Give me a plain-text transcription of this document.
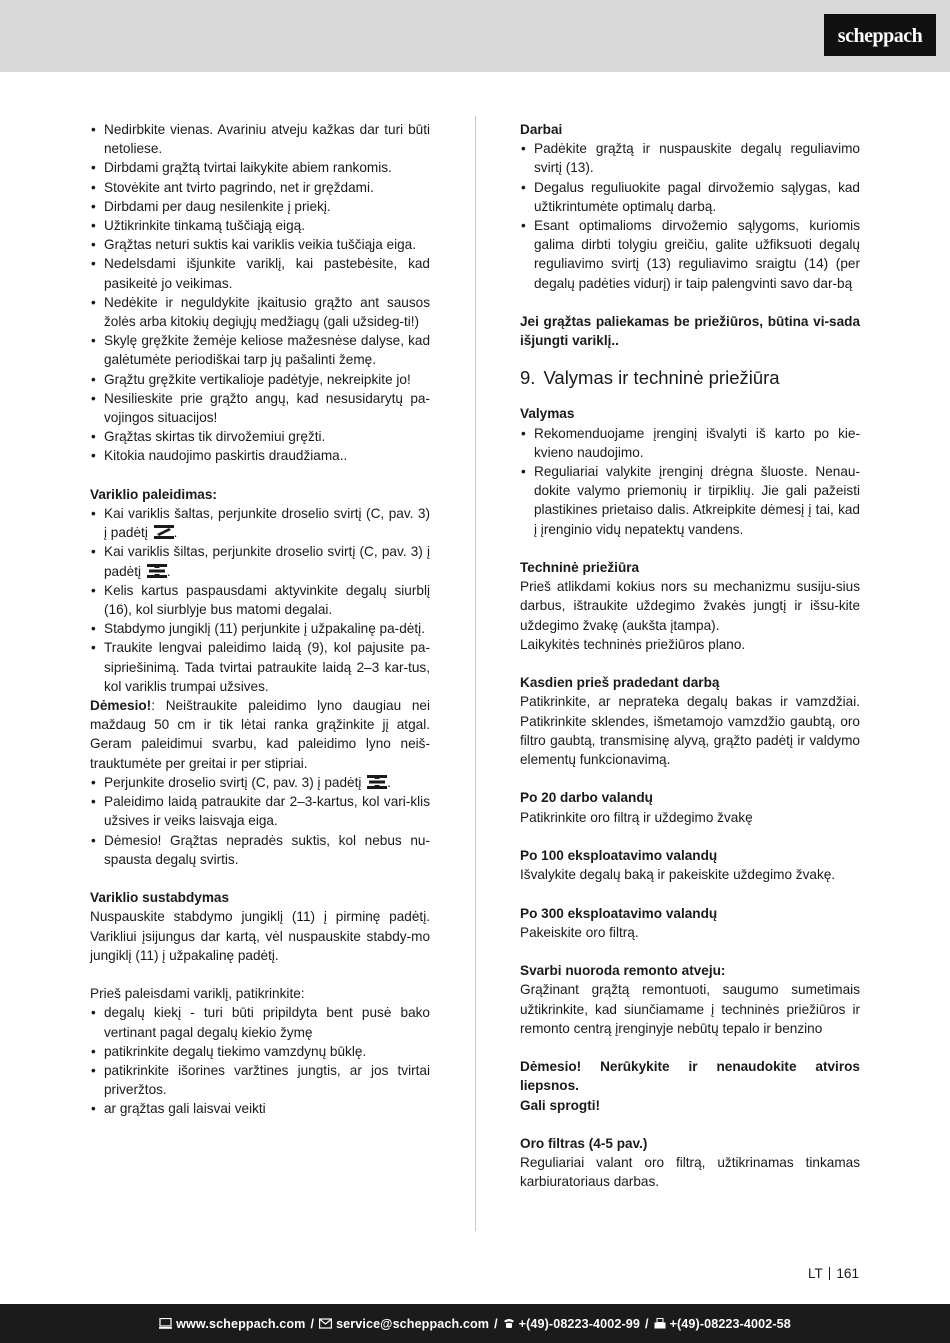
scheppach
• Nedirbkite vienas. Avariniu atveju kažkas dar turi būti netoliese.
• Dirbdami grąžtą tvirtai laikykite abiem rankomis.
• Stovėkite ant tvirto pagrindo, net ir gręždami.
• Dirbdami per daug nesilenkite į priekį.
• Užtikrinkite tinkamą tuščiąją eigą.
• Grąžtas neturi suktis kai variklis veikia tuščiąja eiga.
• Nedelsdami išjunkite variklį, kai pastebėsite, kad pasikeitė jo veikimas.
• Nedėkite ir neguldykite įkaitusio grąžto ant sausos žolės arba kitokių degiųjų medžiagų (gali užsideg-ti!)
• Skylę gręžkite žemėje keliose mažesnėse dalyse, kad galėtumėte periodiškai tarp jų pašalinti žemę.
• Grąžtu gręžkite vertikalioje padėtyje, nekreipkite jo!
• Nesilieskite prie grąžto angų, kad nesusidarytų pa-vojingos situacijos!
• Grąžtas skirtas tik dirvožemiui gręžti.
• Kitokia naudojimo paskirtis draudžiama..

Variklio paleidimas:

• Kai variklis šaltas, perjunkite droselio svirtį (C, pav. 3) į padėtį .
• Kai variklis šiltas, perjunkite droselio svirtį (C, pav. 3) į padėtį .
• Kelis kartus paspausdami aktyvinkite degalų siurblį (16), kol siurblyje bus matomi degalai.
• Stabdymo jungiklį (11) perjunkite į užpakalinę pa-dėtį.
• Traukite lengvai paleidimo laidą (9), kol pajusite pa-sipriešinimą. Tada tvirtai patraukite laidą 2–3 kar-tus, kol variklis trumpai užsives.

Dėmesio!: Neištraukite paleidimo lyno daugiau nei maždaug 50 cm ir tik lėtai ranka grąžinkite jį atgal. Geram paleidimui svarbu, kad paleidimo lyno neiš-trauktumėte per greitai ir per stipriai.

• Perjunkite droselio svirtį (C, pav. 3) į padėtį .
• Paleidimo laidą patraukite dar 2–3-kartus, kol vari-klis užsives ir veiks laisvąja eiga.
• Dėmesio! Grąžtas nepradės suktis, kol nebus nu-spausta degalų svirtis.

Variklio sustabdymas

Nuspauskite stabdymo jungiklį (11) į pirminę padėtį. Varikliui įsijungus dar kartą, vėl nuspauskite stabdy-mo jungiklį (11) į užpakalinę padėtį.

Prieš paleisdami variklį, patikrinkite:

• degalų kiekį - turi būti pripildyta bent pusė bako vertinant pagal degalų kiekio žymę
• patikrinkite degalų tiekimo vamzdynų būklę.
• patikrinkite išorines varžtines jungtis, ar jos tvirtai priveržtos.
• ar grąžtas gali laisvai veikti

Darbai

• Padėkite grąžtą ir nuspauskite degalų reguliavimo svirtį (13).
• Degalus reguliuokite pagal dirvožemio sąlygas, kad užtikrintumėte optimalų darbą.
• Esant optimalioms dirvožemio sąlygoms, kuriomis galima dirbti tolygiu greičiu, galite užfiksuoti degalų reguliavimo svirtį (13) reguliavimo sraigtu (14) (per degalų padėties vidurį) ir taip palengvinti savo dar-bą

Jei grąžtas paliekamas be priežiūros, būtina vi-sada išjungti variklį..

9. Valymas ir techninė priežiūra

Valymas

• Rekomenduojame įrenginį išvalyti iš karto po kie-kvieno naudojimo.
• Reguliariai valykite įrenginį drėgna šluoste. Nenau-dokite valymo priemonių ir tirpiklių. Jie gali pažeisti plastikines prietaiso dalis. Atkreipkite dėmesį į tai, kad į įrenginio vidų nepatektų vandens.

Techninė priežiūra

Prieš atlikdami kokius nors su mechanizmu susiju-sius darbus, ištraukite uždegimo žvakės jungtį ir išsu-kite uždegimo žvakę (aukšta įtampa).

Laikykitės techninės priežiūros plano.

Kasdien prieš pradedant darbą

Patikrinkite, ar neprateka degalų bakas ir vamzdžiai. Patikrinkite sklendes, išmetamojo vamzdžio gaubtą, oro filtro gaubtą, transmisinę alyvą, grąžto padėtį ir valdymo elementų funkcionavimą.

Po 20 darbo valandų

Patikrinkite oro filtrą ir uždegimo žvakę

Po 100 eksploatavimo valandų

Išvalykite degalų baką ir pakeiskite uždegimo žvakę.

Po 300 eksploatavimo valandų

Pakeiskite oro filtrą.

Svarbi nuoroda remonto atveju:

Grąžinant grąžtą remontuoti, saugumo sumetimais užtikrinkite, kad siunčiamame į techninės priežiūros ir remonto centrą įrenginyje nebūtų tepalo ir benzino

Dėmesio! Nerūkykite ir nenaudokite atviros liepsnos.

Gali sprogti!

Oro filtras (4-5 pav.)

Reguliariai valant oro filtrą, užtikrinamas tinkamas karbiuratoriaus darbas.

LT 161
www.scheppach.com / service@scheppach.com / +(49)-08223-4002-99 / +(49)-08223-4002-58
